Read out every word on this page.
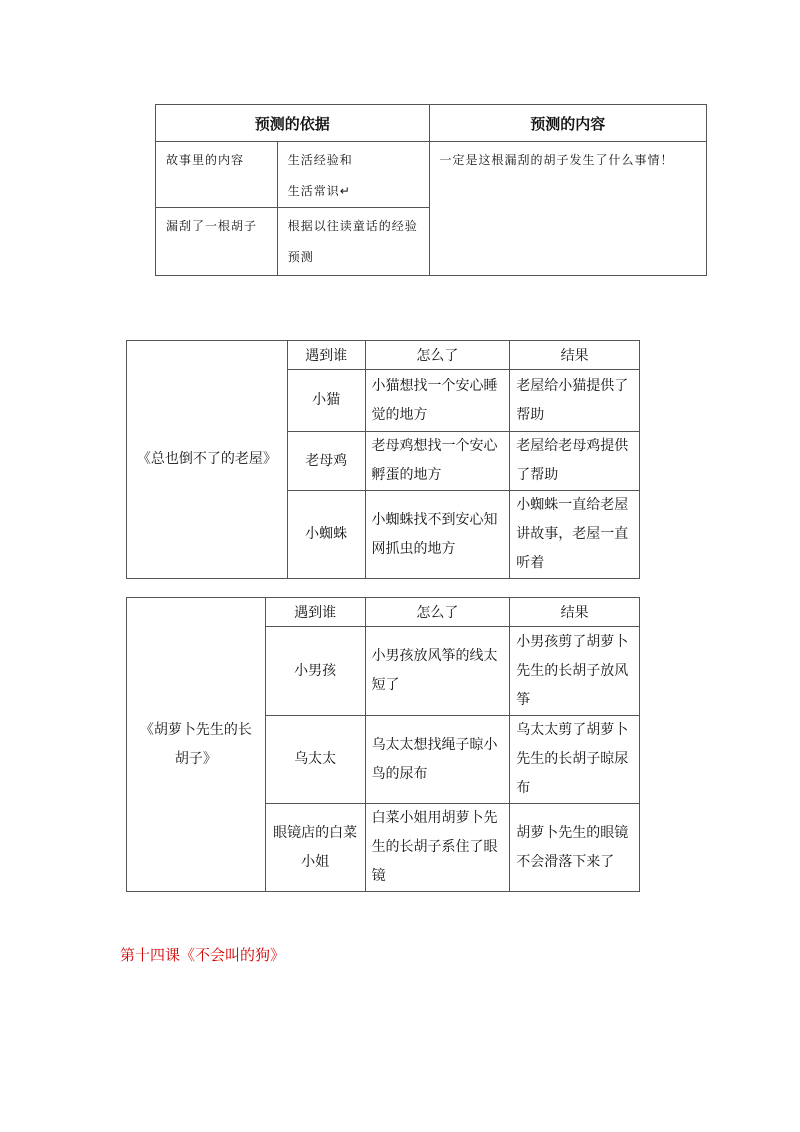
预测的依据		预测的内容
故事里的内容	生活经验和
生活常识↵	一定是这根漏刮的胡子发生了什么事情！
漏刮了一根胡子	根据以往读童话的经验预测	
《总也倒不了的老屋》	遇到谁	怎么了	结果
	小猫	小猫想找一个安心睡觉的地方	老屋给小猫提供了帮助
	老母鸡	老母鸡想找一个安心孵蛋的地方	老屋给老母鸡提供了帮助
	小蜘蛛	小蜘蛛找不到安心知网抓虫的地方	小蜘蛛一直给老屋讲故事，老屋一直听着
《胡萝卜先生的长胡子》	遇到谁	怎么了	结果
	小男孩	小男孩放风筝的线太短了	小男孩剪了胡萝卜先生的长胡子放风筝
	乌太太	乌太太想找绳子晾小鸟的尿布	乌太太剪了胡萝卜先生的长胡子晾尿布
	眼镜店的白菜小姐	白菜小姐用胡萝卜先生的长胡子系住了眼镜	胡萝卜先生的眼镜不会滑落下来了
第十四课《不会叫的狗》
